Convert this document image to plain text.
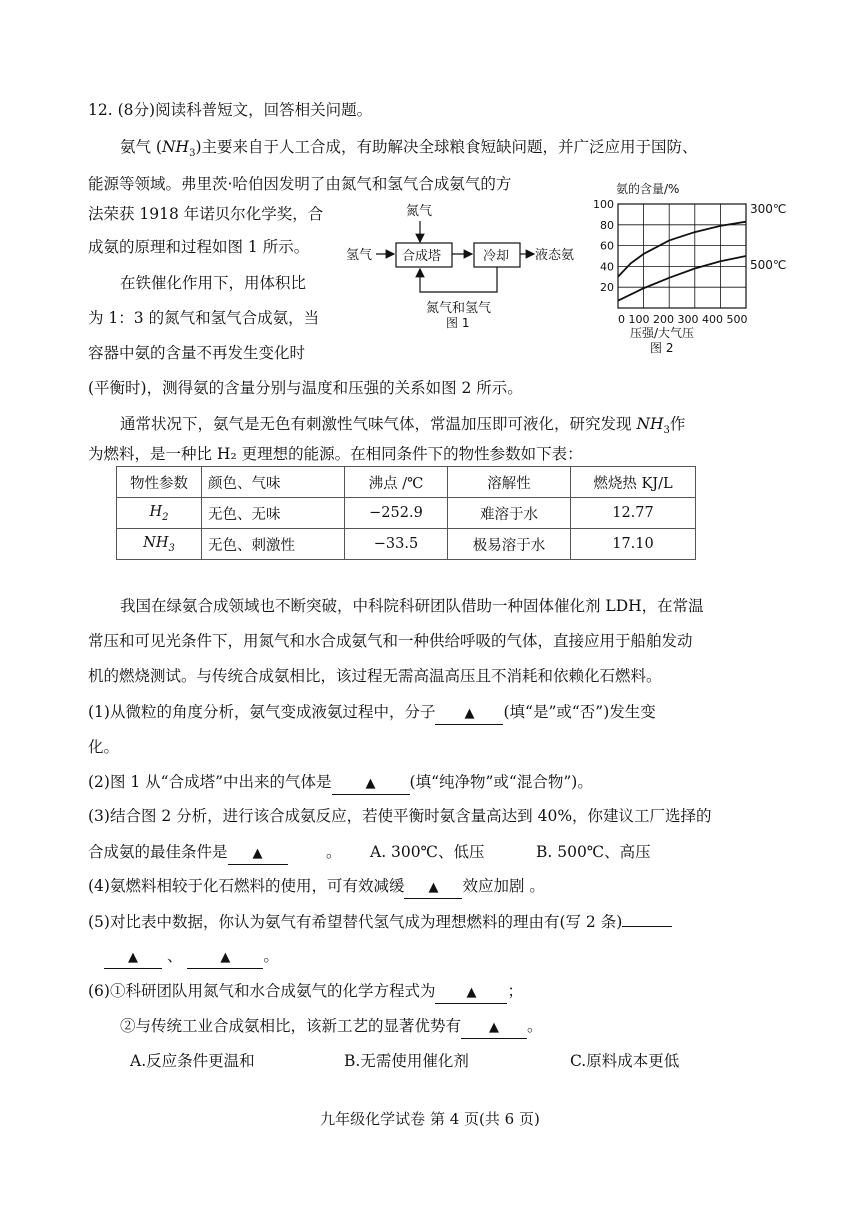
12. (8分)阅读科普短文，回答相关问题。
氨气 $(NH_3)$主要来自于人工合成，有助解决全球粮食短缺问题，并广泛应用于国防、
能源等领域。弗里茨·哈伯因发明了由氮气和氢气合成氨气的方
法荣获 1918 年诺贝尔化学奖，合
成氨的原理和过程如图 1 所示。
在铁催化作用下，用体积比
为 1：3 的氮气和氢气合成氨，当
容器中氨的含量不再发生变化时
(平衡时)，测得氨的含量分别与温度和压强的关系如图 2 所示。
氮气
氢气 合成塔	冷却 液态氨
氮气和氢气
图 1
氨的含量/%
100
80
60
40
20
0 100 200 300 400 500
压强/大气压
图 2
300℃
500℃
通常状况下，氨气是无色有刺激性气味气体，常温加压即可液化，研究发现 $NH_3$作
为燃料，是一种比 H₂ 更理想的能源。在相同条件下的物性参数如下表：
物性参数	颜色、气味	沸点 /℃	溶解性	燃烧热 KJ/L
$H_2$	无色、无味	−252.9	难溶于水	12.77
$NH_3$	无色、刺激性	−33.5	极易溶于水	17.10
我国在绿氨合成领域也不断突破，中科院科研团队借助一种固体催化剂 LDH，在常温
常压和可见光条件下，用氮气和水合成氨气和一种供给呼吸的气体，直接应用于船舶发动
机的燃烧测试。与传统合成氨相比，该过程无需高温高压且不消耗和依赖化石燃料。
(1)从微粒的角度分析，氨气变成液氨过程中，分子 ▲ (填“是”或“否”)发生变
化。
(2)图 1 从“合成塔”中出来的气体是	▲ (填“纯净物”或“混合物”)。
(3)结合图 2 分析，进行该合成氨反应，若使平衡时氨含量高达到 40%，你建议工厂选择的
合成氨的最佳条件是 ▲	。 A. 300℃、低压	B. 500℃、高压
(4)氨燃料相较于化石燃料的使用，可有效减缓 ▲ 效应加剧 。
(5)对比表中数据，你认为氨气有希望替代氢气成为理想燃料的理由有(写 2 条)
▲ 、	▲ 。
(6)①科研团队用氮气和水合成氨气的化学方程式为 ▲ ；
②与传统工业合成氨相比，该新工艺的显著优势有 ▲ 。
A.反应条件更温和	B.无需使用催化剂	C.原料成本更低
九年级化学试卷 第 4 页(共 6 页)
